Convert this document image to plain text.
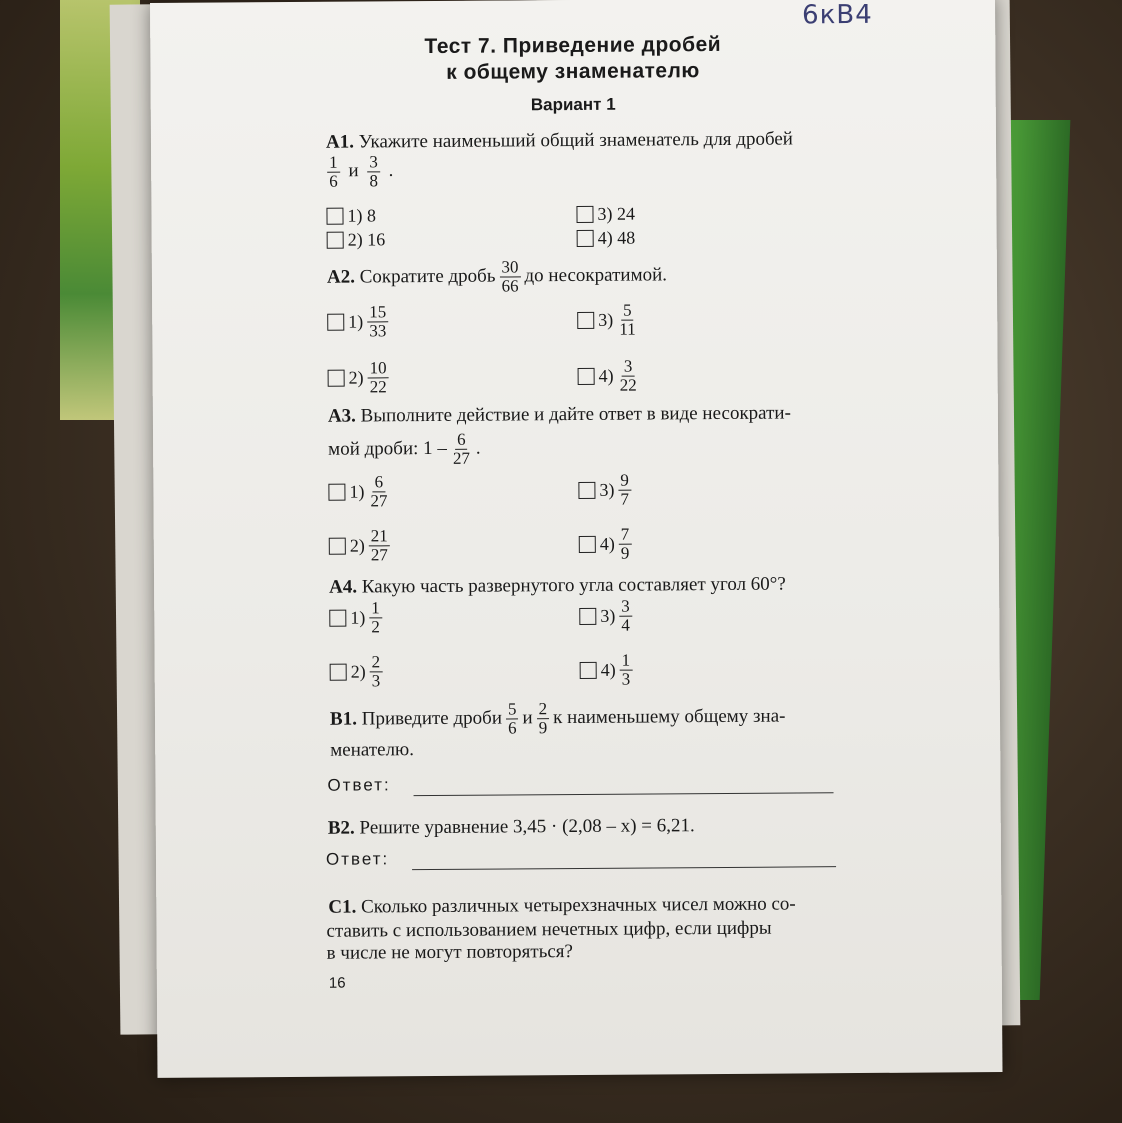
6кВ4
Тест 7. Приведение дробей
к общему знаменателю
Вариант 1
А1. Укажите наименьший общий знаменатель для дробей
$\frac{1}{6}$ и $\frac{3}{8}$ .
1) 8
2) 16
3) 24
4) 48
А2.
Сократите дробь $\frac{30}{66}$ до несократимой.
$1) \frac{15}{33}$
$2) \frac{10}{22}$
$3) \frac{5}{11}$
$4) \frac{3}{22}$
А3. Выполните действие и дайте ответ в виде несократи-
мой дроби: $1 - \frac{6}{27}$ .
$1) \frac{6}{27}$
$2) \frac{21}{27}$
$3) \frac{9}{7}$
$4) \frac{7}{9}$
А4. Какую часть развернутого угла составляет угол 60°?
$1) \frac{1}{2}$
$2) \frac{2}{3}$
$3) \frac{3}{4}$
$4) \frac{1}{3}$
В1.
Приведите дроби $\frac{5}{6}$ и $\frac{2}{9}$ к наименьшему общему зна-
менателю.
Ответ:
В2. Решите уравнение 3,45 · (2,08 – x) = 6,21.
Ответ:
С1. Сколько различных четырехзначных чисел можно со-
ставить с использованием нечетных цифр, если цифры
в числе не могут повторяться?
16
